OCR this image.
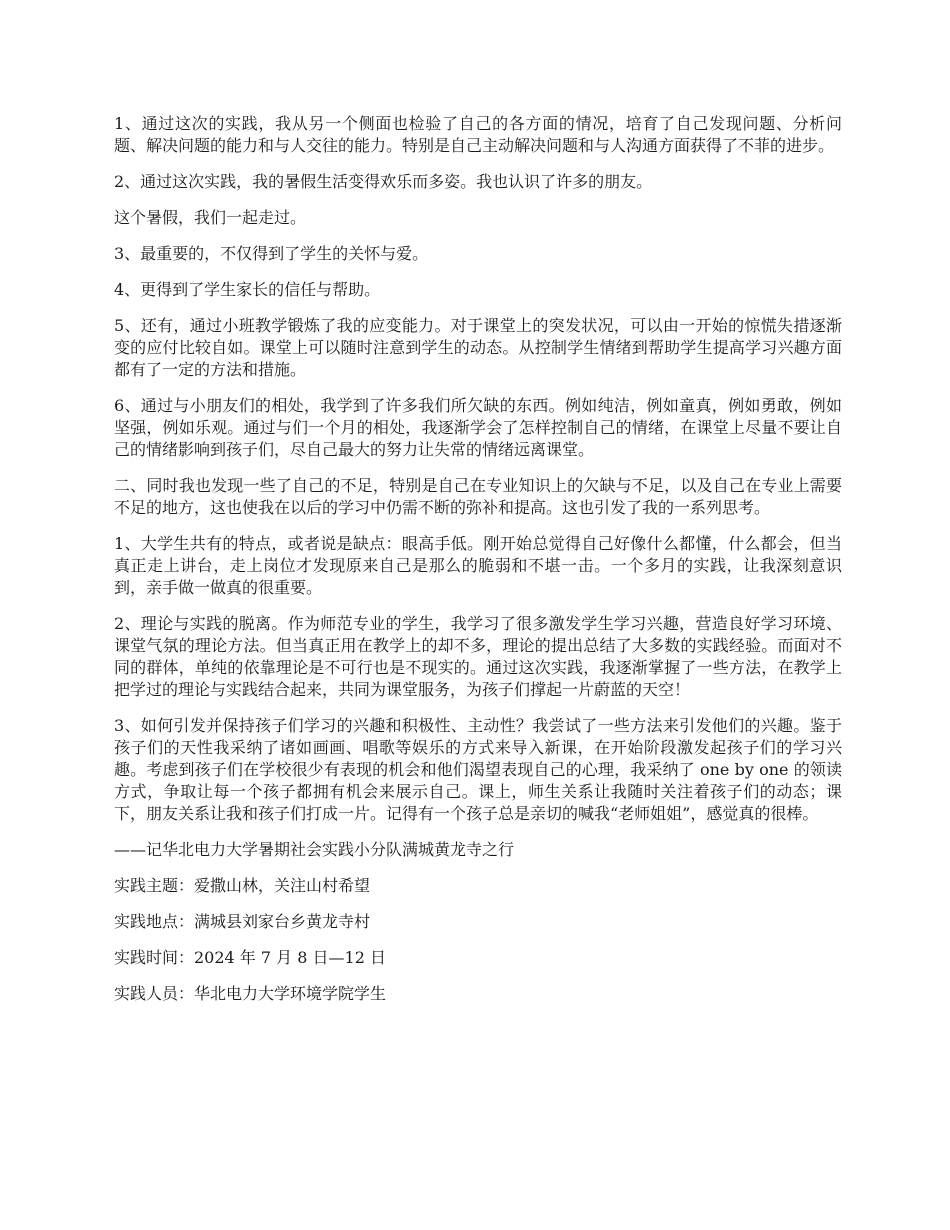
1、通过这次的实践，我从另一个侧面也检验了自己的各方面的情况，培育了自己发现问题、分析问题、解决问题的能力和与人交往的能力。特别是自己主动解决问题和与人沟通方面获得了不菲的进步。

2、通过这次实践，我的暑假生活变得欢乐而多姿。我也认识了许多的朋友。

这个暑假，我们一起走过。

3、最重要的，不仅得到了学生的关怀与爱。

4、更得到了学生家长的信任与帮助。

5、还有，通过小班教学锻炼了我的应变能力。对于课堂上的突发状况，可以由一开始的惊慌失措逐渐变的应付比较自如。课堂上可以随时注意到学生的动态。从控制学生情绪到帮助学生提高学习兴趣方面都有了一定的方法和措施。

6、通过与小朋友们的相处，我学到了许多我们所欠缺的东西。例如纯洁，例如童真，例如勇敢，例如坚强，例如乐观。通过与们一个月的相处，我逐渐学会了怎样控制自己的情绪，在课堂上尽量不要让自己的情绪影响到孩子们，尽自己最大的努力让失常的情绪远离课堂。

二、同时我也发现一些了自己的不足，特别是自己在专业知识上的欠缺与不足，以及自己在专业上需要不足的地方，这也使我在以后的学习中仍需不断的弥补和提高。这也引发了我的一系列思考。

1、大学生共有的特点，或者说是缺点：眼高手低。刚开始总觉得自己好像什么都懂，什么都会，但当真正走上讲台，走上岗位才发现原来自己是那么的脆弱和不堪一击。一个多月的实践，让我深刻意识到，亲手做一做真的很重要。

2、理论与实践的脱离。作为师范专业的学生，我学习了很多激发学生学习兴趣，营造良好学习环境、课堂气氛的理论方法。但当真正用在教学上的却不多，理论的提出总结了大多数的实践经验。而面对不同的群体，单纯的依靠理论是不可行也是不现实的。通过这次实践，我逐渐掌握了一些方法，在教学上把学过的理论与实践结合起来，共同为课堂服务，为孩子们撑起一片蔚蓝的天空！

3、如何引发并保持孩子们学习的兴趣和积极性、主动性？我尝试了一些方法来引发他们的兴趣。鉴于孩子们的天性我采纳了诸如画画、唱歌等娱乐的方式来导入新课，在开始阶段激发起孩子们的学习兴趣。考虑到孩子们在学校很少有表现的机会和他们渴望表现自己的心理，我采纳了 one by one 的领读方式，争取让每一个孩子都拥有机会来展示自己。课上，师生关系让我随时关注着孩子们的动态；课下，朋友关系让我和孩子们打成一片。记得有一个孩子总是亲切的喊我“老师姐姐”，感觉真的很棒。

——记华北电力大学暑期社会实践小分队满城黄龙寺之行

实践主题：爱撒山林，关注山村希望

实践地点：满城县刘家台乡黄龙寺村

实践时间：2024 年 7 月 8 日—12 日

实践人员：华北电力大学环境学院学生
